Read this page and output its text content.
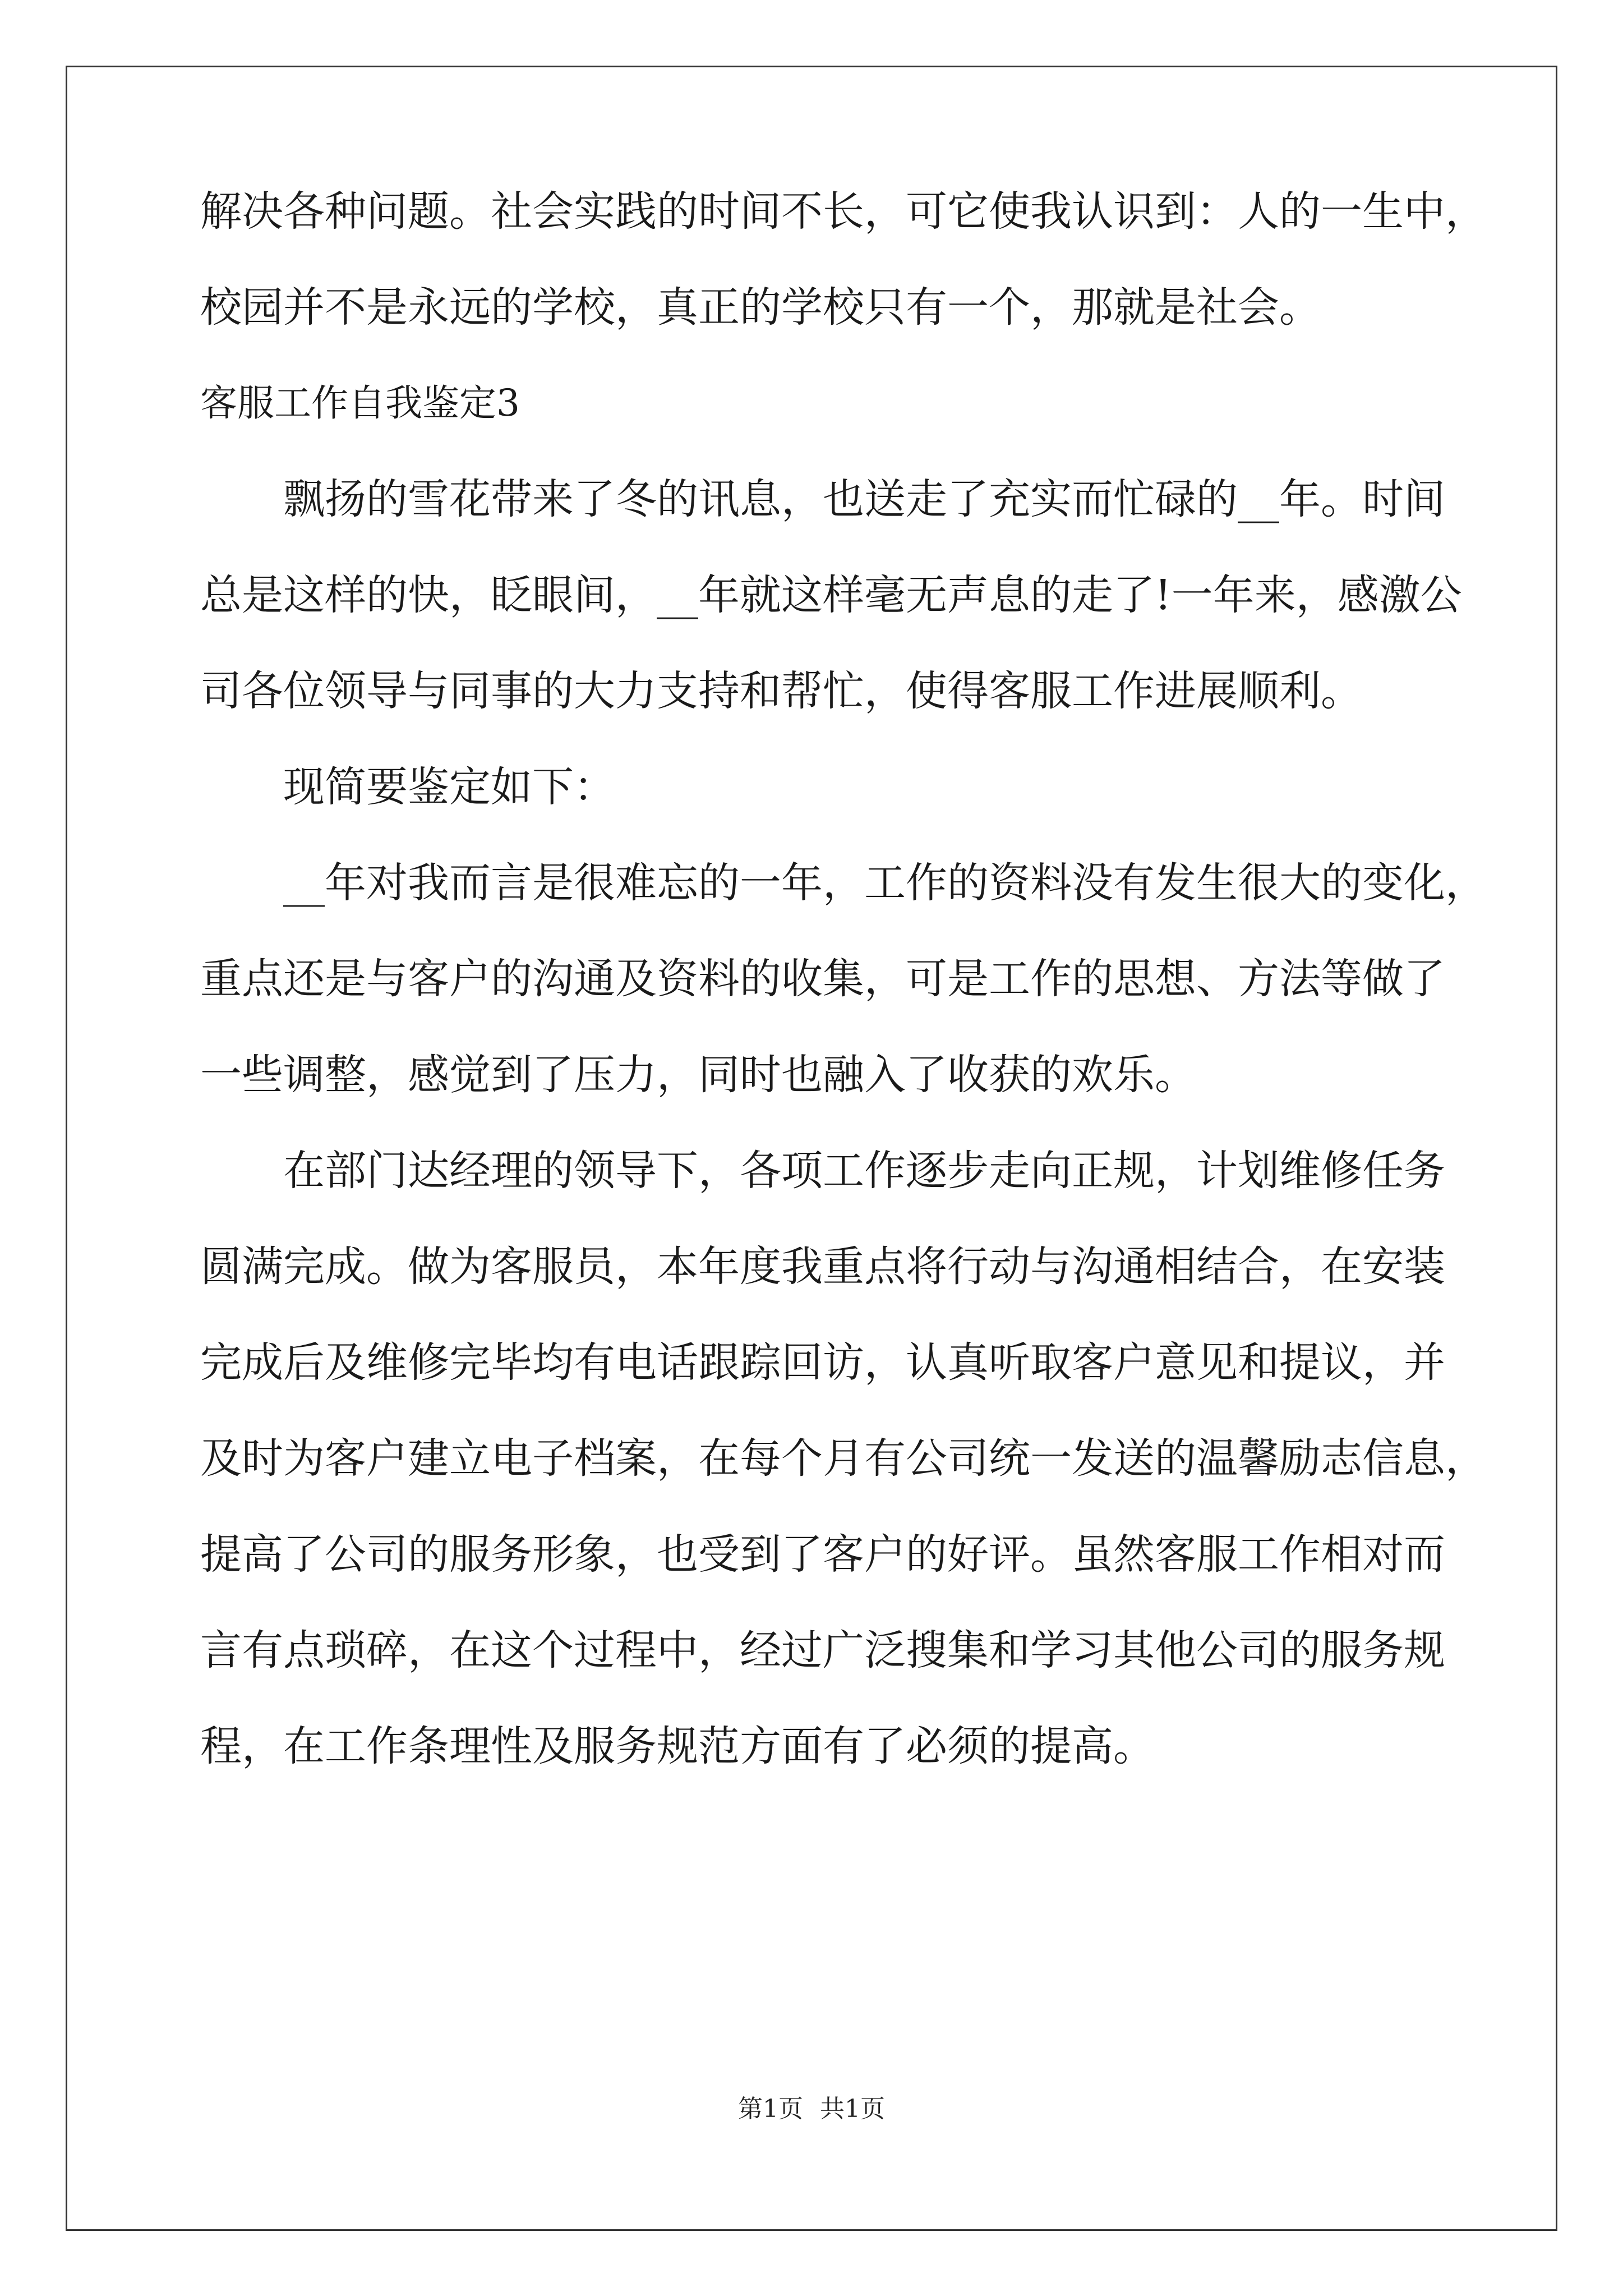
解决各种问题。社会实践的时间不长，可它使我认识到：人的一生中，
校园并不是永远的学校，真正的学校只有一个，那就是社会。
客服工作自我鉴定3
飘扬的雪花带来了冬的讯息，也送走了充实而忙碌的__年。时间
总是这样的快，眨眼间，__年就这样毫无声息的走了!一年来，感激公
司各位领导与同事的大力支持和帮忙，使得客服工作进展顺利。
现简要鉴定如下：
__年对我而言是很难忘的一年，工作的资料没有发生很大的变化，
重点还是与客户的沟通及资料的收集，可是工作的思想、方法等做了
一些调整，感觉到了压力，同时也融入了收获的欢乐。
在部门达经理的领导下，各项工作逐步走向正规，计划维修任务
圆满完成。做为客服员，本年度我重点将行动与沟通相结合，在安装
完成后及维修完毕均有电话跟踪回访，认真听取客户意见和提议，并
及时为客户建立电子档案，在每个月有公司统一发送的温馨励志信息，
提高了公司的服务形象，也受到了客户的好评。虽然客服工作相对而
言有点琐碎，在这个过程中，经过广泛搜集和学习其他公司的服务规
程，在工作条理性及服务规范方面有了必须的提高。
第1页 共1页
